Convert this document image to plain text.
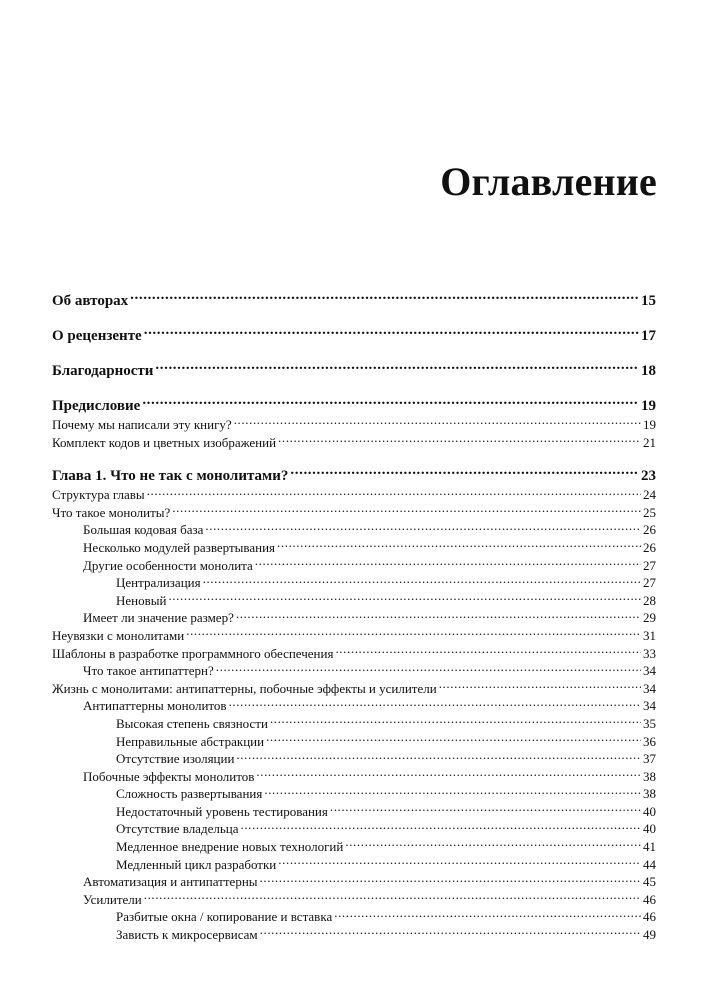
Оглавление
Об авторах .....	15
О рецензенте .....	17
Благодарности .....	18
Предисловие .....	19
Почему мы написали эту книгу? .....	19
Комплект кодов и цветных изображений .....	21
Глава 1. Что не так с монолитами? .....	23
Структура главы .....	24
Что такое монолиты? .....	25
Большая кодовая база .....	26
Несколько модулей развертывания .....	26
Другие особенности монолита .....	27
Централизация .....	27
Неновый .....	28
Имеет ли значение размер? .....	29
Неувязки с монолитами .....	31
Шаблоны в разработке программного обеспечения .....	33
Что такое антипаттерн? .....	34
Жизнь с монолитами: антипаттерны, побочные эффекты и усилители .....	34
Антипаттерны монолитов .....	34
Высокая степень связности .....	35
Неправильные абстракции .....	36
Отсутствие изоляции .....	37
Побочные эффекты монолитов .....	38
Сложность развертывания .....	38
Недостаточный уровень тестирования .....	40
Отсутствие владельца .....	40
Медленное внедрение новых технологий .....	41
Медленный цикл разработки .....	44
Автоматизация и антипаттерны .....	45
Усилители .....	46
Разбитые окна / копирование и вставка .....	46
Зависть к микросервисам .....	49
